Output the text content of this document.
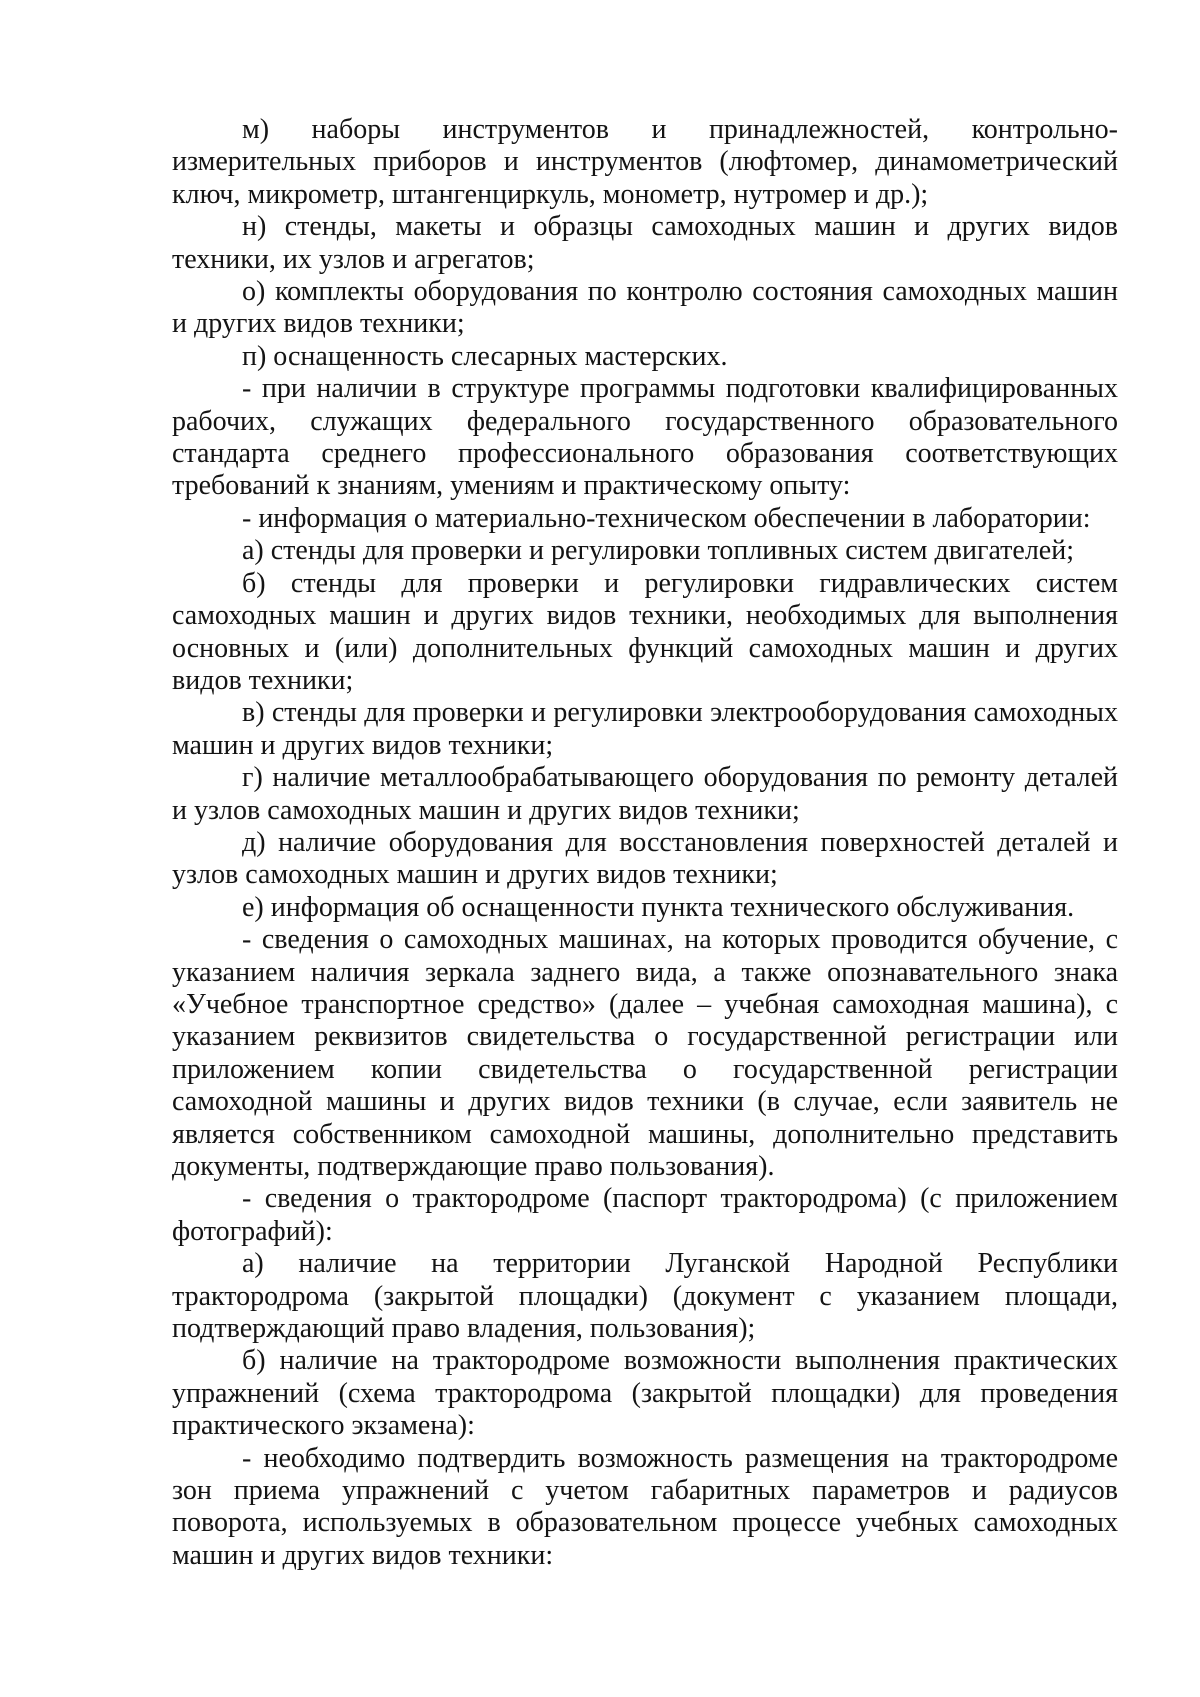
м) наборы инструментов и принадлежностей, контрольно-измерительных приборов и инструментов (люфтомер, динамометрический ключ, микрометр, штангенциркуль, монометр, нутромер и др.);

н) стенды, макеты и образцы самоходных машин и других видов техники, их узлов и агрегатов;

о) комплекты оборудования по контролю состояния самоходных машин и других видов техники;

п) оснащенность слесарных мастерских.

- при наличии в структуре программы подготовки квалифицированных рабочих, служащих федерального государственного образовательного стандарта среднего профессионального образования соответствующих требований к знаниям, умениям и практическому опыту:

- информация о материально-техническом обеспечении в лаборатории:

а) стенды для проверки и регулировки топливных систем двигателей;

б) стенды для проверки и регулировки гидравлических систем самоходных машин и других видов техники, необходимых для выполнения основных и (или) дополнительных функций самоходных машин и других видов техники;

в) стенды для проверки и регулировки электрооборудования самоходных машин и других видов техники;

г) наличие металлообрабатывающего оборудования по ремонту деталей и узлов самоходных машин и других видов техники;

д) наличие оборудования для восстановления поверхностей деталей и узлов самоходных машин и других видов техники;

е) информация об оснащенности пункта технического обслуживания.

- сведения о самоходных машинах, на которых проводится обучение, с указанием наличия зеркала заднего вида, а также опознавательного знака «Учебное транспортное средство» (далее – учебная самоходная машина), с указанием реквизитов свидетельства о государственной регистрации или приложением копии свидетельства о государственной регистрации самоходной машины и других видов техники (в случае, если заявитель не является собственником самоходной машины, дополнительно представить документы, подтверждающие право пользования).

- сведения о трактородроме (паспорт трактородрома) (с приложением фотографий):

а) наличие на территории Луганской Народной Республики трактородрома (закрытой площадки) (документ с указанием площади, подтверждающий право владения, пользования);

б) наличие на трактородроме возможности выполнения практических упражнений (схема трактородрома (закрытой площадки) для проведения практического экзамена):

- необходимо подтвердить возможность размещения на трактородроме зон приема упражнений с учетом габаритных параметров и радиусов поворота, используемых в образовательном процессе учебных самоходных машин и других видов техники:
